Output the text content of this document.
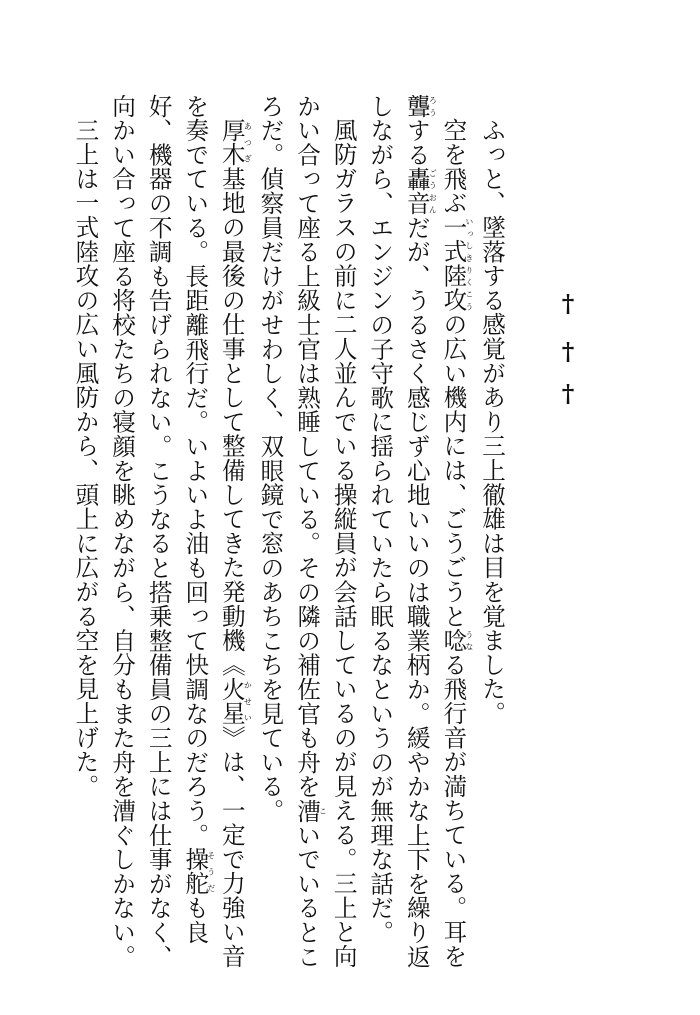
†
†
†

ふっと、墜落する感覚があり三上徹雄は目を覚ました。

空を飛ぶ一式陸攻いっしきりくこうの広い機内には、ごうごうと唸うなる飛行音が満ちている。耳を聾ろうする轟音ごうおんだが、うるさく感じず心地いいのは職業柄か。緩やかな上下を繰り返しながら、エンジンの子守歌に揺られていたら眠るなというのが無理な話だ。

風防ガラスの前に二人並んでいる操縦員が会話しているのが見える。三上と向かい合って座る上級士官は熟睡している。その隣の補佐官も舟を漕こいでいるところだ。偵察員だけがせわしく、双眼鏡で窓のあちこちを見ている。

厚木あつぎ基地の最後の仕事として整備してきた発動機《火星かせい》は、一定で力強い音を奏でている。長距離飛行だ。いよいよ油も回って快調なのだろう。操舵そうだも良好、機器の不調も告げられない。こうなると搭乗整備員の三上には仕事がなく、向かい合って座る将校たちの寝顔を眺めながら、自分もまた舟を漕ぐしかない。

三上は一式陸攻の広い風防から、頭上に広がる空を見上げた。
